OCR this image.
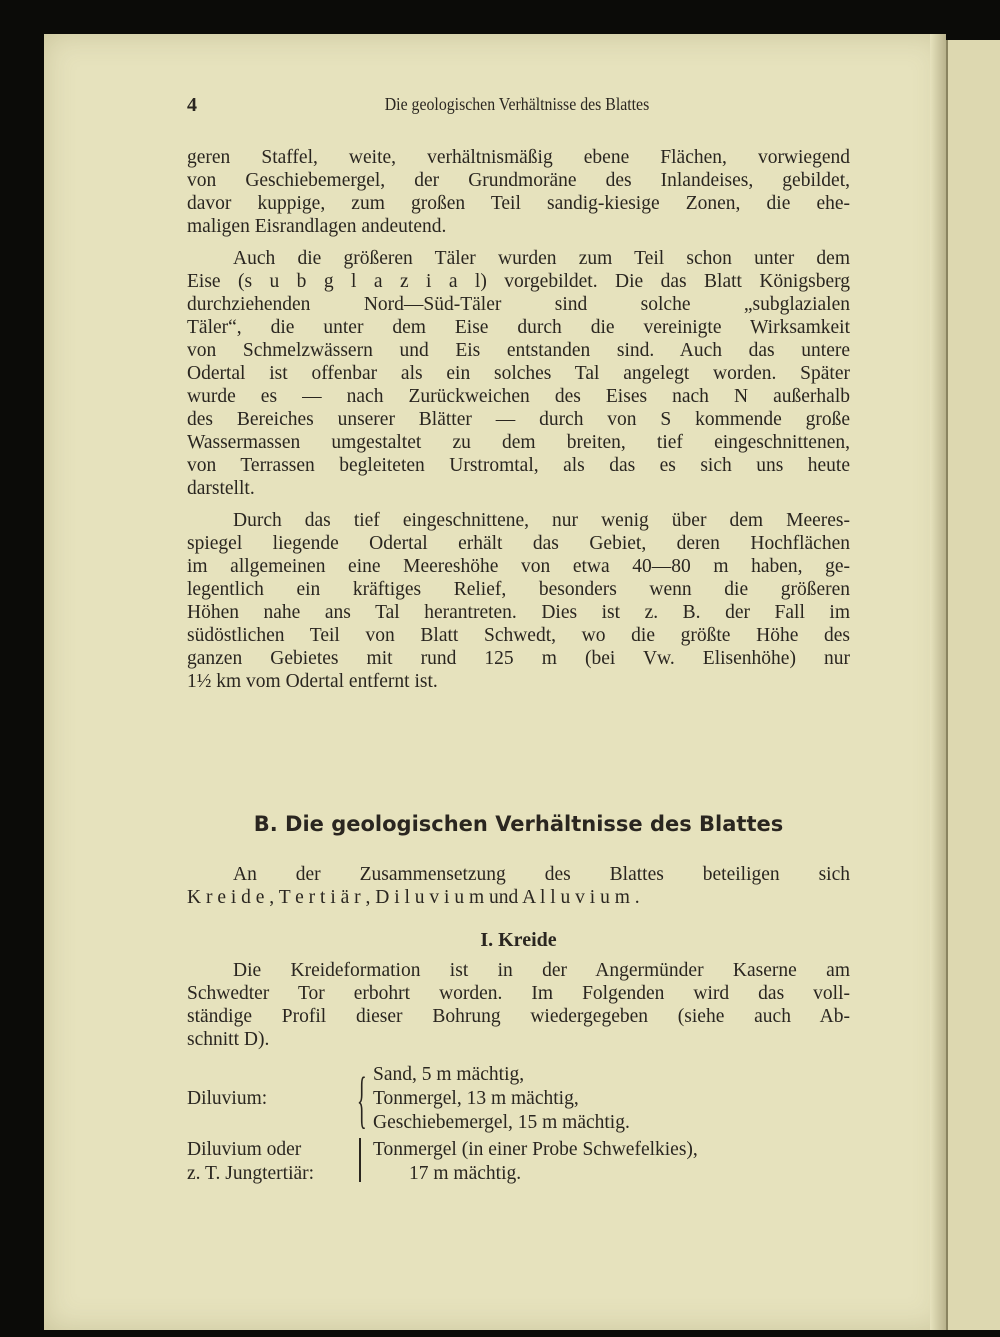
4	Die geologischen Verhältnisse des Blattes
geren Staffel, weite, verhältnismäßig ebene Flächen, vorwiegend
von Geschiebemergel, der Grundmoräne des Inlandeises, gebildet,
davor kuppige, zum großen Teil sandig-kiesige Zonen, die ehe-
maligen Eisrandlagen andeutend.
Auch die größeren Täler wurden zum Teil schon unter dem
Eise (s u b g l a z i a l) vorgebildet. Die das Blatt Königsberg
durchziehenden Nord—Süd-Täler sind solche „subglazialen
Täler“, die unter dem Eise durch die vereinigte Wirksamkeit
von Schmelzwässern und Eis entstanden sind. Auch das untere
Odertal ist offenbar als ein solches Tal angelegt worden. Später
wurde es — nach Zurückweichen des Eises nach N außerhalb
des Bereiches unserer Blätter — durch von S kommende große
Wassermassen umgestaltet zu dem breiten, tief eingeschnittenen,
von Terrassen begleiteten Urstromtal, als das es sich uns heute
darstellt.
Durch das tief eingeschnittene, nur wenig über dem Meeres-
spiegel liegende Odertal erhält das Gebiet, deren Hochflächen
im allgemeinen eine Meereshöhe von etwa 40—80 m haben, ge-
legentlich ein kräftiges Relief, besonders wenn die größeren
Höhen nahe ans Tal herantreten. Dies ist z. B. der Fall im
südöstlichen Teil von Blatt Schwedt, wo die größte Höhe des
ganzen Gebietes mit rund 125 m (bei Vw. Elisenhöhe) nur
1½ km vom Odertal entfernt ist.
B. Die geologischen Verhältnisse des Blattes
An der Zusammensetzung des Blattes beteiligen sich
K r e i d e , T e r t i ä r , D i l u v i u m und A l l u v i u m .
I. Kreide
Die Kreideformation ist in der Angermünder Kaserne am
Schwedter Tor erbohrt worden. Im Folgenden wird das voll-
ständige Profil dieser Bohrung wiedergegeben (siehe auch Ab-
schnitt D).
Diluvium:	{ Sand, 5 m mächtig,
Tonmergel, 13 m mächtig,
Geschiebemergel, 15 m mächtig.
Diluvium oder
z. T. Jungtertiär:
Tonmergel (in einer Probe Schwefelkies),
17 m mächtig.
